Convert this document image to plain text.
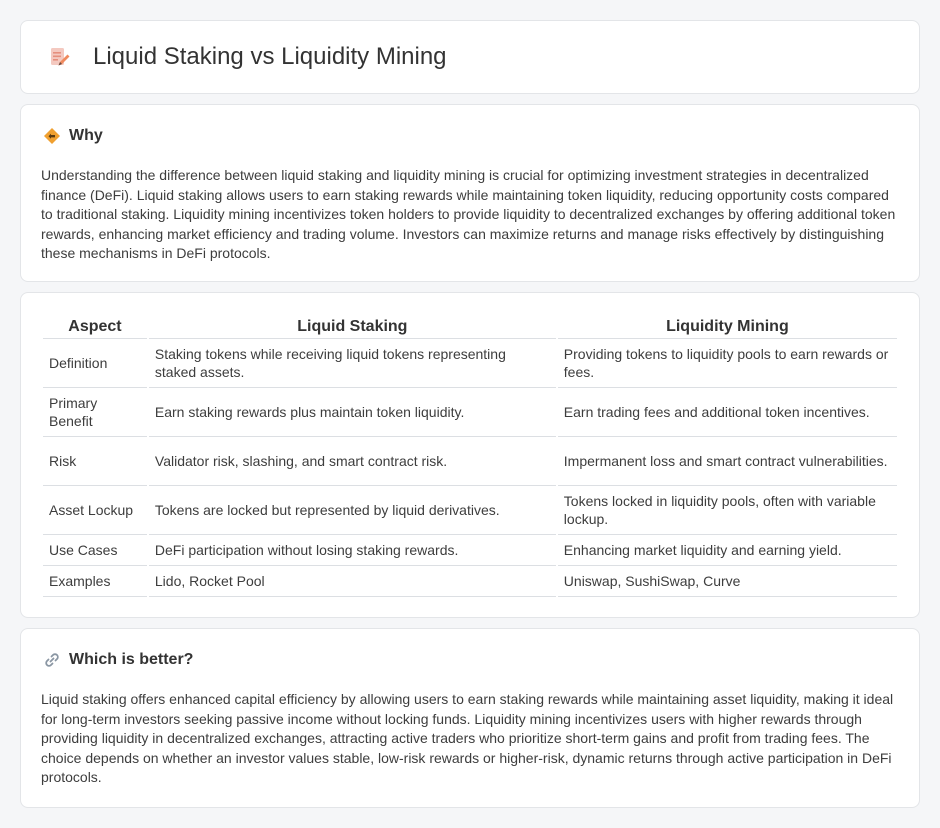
Liquid Staking vs Liquidity Mining
Why

Understanding the difference between liquid staking and liquidity mining is crucial for optimizing investment strategies in decentralized finance (DeFi). Liquid staking allows users to earn staking rewards while maintaining token liquidity, reducing opportunity costs compared to traditional staking. Liquidity mining incentivizes token holders to provide liquidity to decentralized exchanges by offering additional token rewards, enhancing market efficiency and trading volume. Investors can maximize returns and manage risks effectively by distinguishing these mechanisms in DeFi protocols.

Aspect	Liquid Staking	Liquidity Mining
Definition	Staking tokens while receiving liquid tokens representing staked assets.	Providing tokens to liquidity pools to earn rewards or fees.
Primary Benefit	Earn staking rewards plus maintain token liquidity.	Earn trading fees and additional token incentives.
Risk	Validator risk, slashing, and smart contract risk.	Impermanent loss and smart contract vulnerabilities.
Asset Lockup	Tokens are locked but represented by liquid derivatives.	Tokens locked in liquidity pools, often with variable lockup.
Use Cases	DeFi participation without losing staking rewards.	Enhancing market liquidity and earning yield.
Examples	Lido, Rocket Pool	Uniswap, SushiSwap, Curve
Which is better?

Liquid staking offers enhanced capital efficiency by allowing users to earn staking rewards while maintaining asset liquidity, making it ideal for long-term investors seeking passive income without locking funds. Liquidity mining incentivizes users with higher rewards through providing liquidity in decentralized exchanges, attracting active traders who prioritize short-term gains and profit from trading fees. The choice depends on whether an investor values stable, low-risk rewards or higher-risk, dynamic returns through active participation in DeFi protocols.
